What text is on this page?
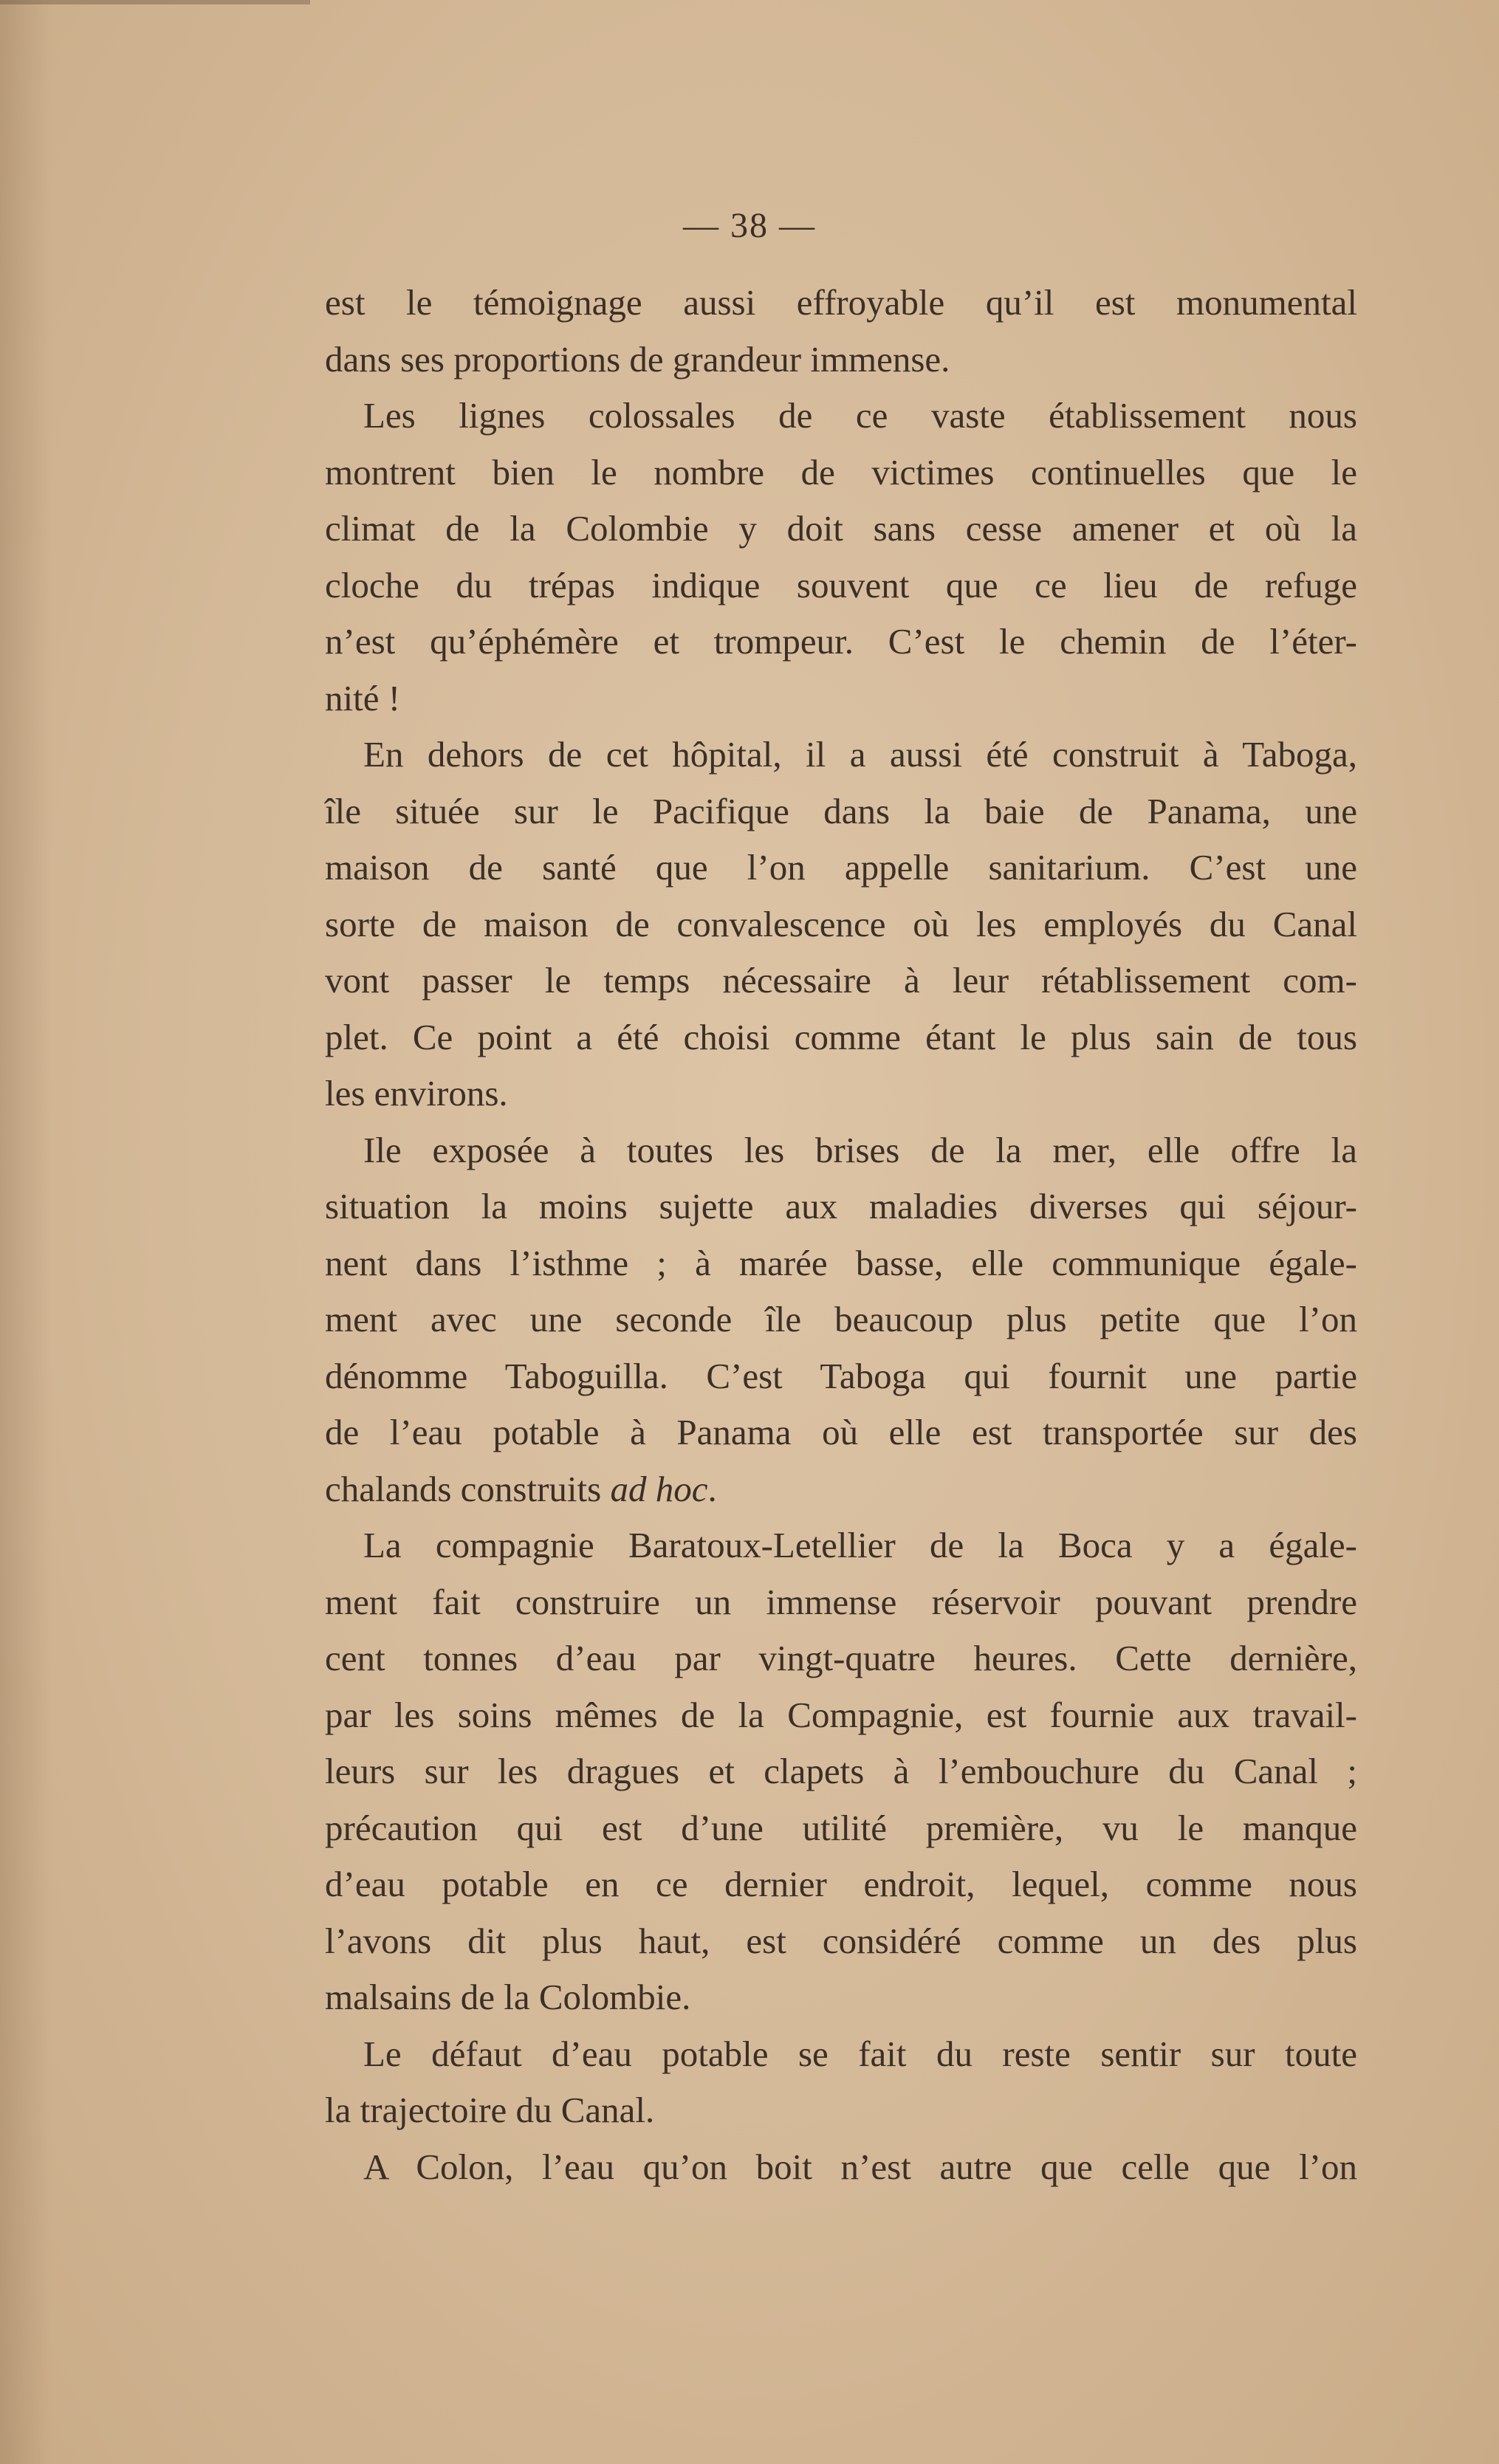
— 38 —

est le témoignage aussi effroyable qu’il est monumental
dans ses proportions de grandeur immense.
Les lignes colossales de ce vaste établissement nous
montrent bien le nombre de victimes continuelles que le
climat de la Colombie y doit sans cesse amener et où la
cloche du trépas indique souvent que ce lieu de refuge
n’est qu’éphémère et trompeur. C’est le chemin de l’éter-
nité !
En dehors de cet hôpital, il a aussi été construit à Taboga,
île située sur le Pacifique dans la baie de Panama, une
maison de santé que l’on appelle sanitarium. C’est une
sorte de maison de convalescence où les employés du Canal
vont passer le temps nécessaire à leur rétablissement com-
plet. Ce point a été choisi comme étant le plus sain de tous
les environs.
Ile exposée à toutes les brises de la mer, elle offre la
situation la moins sujette aux maladies diverses qui séjour-
nent dans l’isthme ; à marée basse, elle communique égale-
ment avec une seconde île beaucoup plus petite que l’on
dénomme Taboguilla. C’est Taboga qui fournit une partie
de l’eau potable à Panama où elle est transportée sur des
chalands construits ad hoc.
La compagnie Baratoux-Letellier de la Boca y a égale-
ment fait construire un immense réservoir pouvant prendre
cent tonnes d’eau par vingt-quatre heures. Cette dernière,
par les soins mêmes de la Compagnie, est fournie aux travail-
leurs sur les dragues et clapets à l’embouchure du Canal ;
précaution qui est d’une utilité première, vu le manque
d’eau potable en ce dernier endroit, lequel, comme nous
l’avons dit plus haut, est considéré comme un des plus
malsains de la Colombie.
Le défaut d’eau potable se fait du reste sentir sur toute
la trajectoire du Canal.
A Colon, l’eau qu’on boit n’est autre que celle que l’on
